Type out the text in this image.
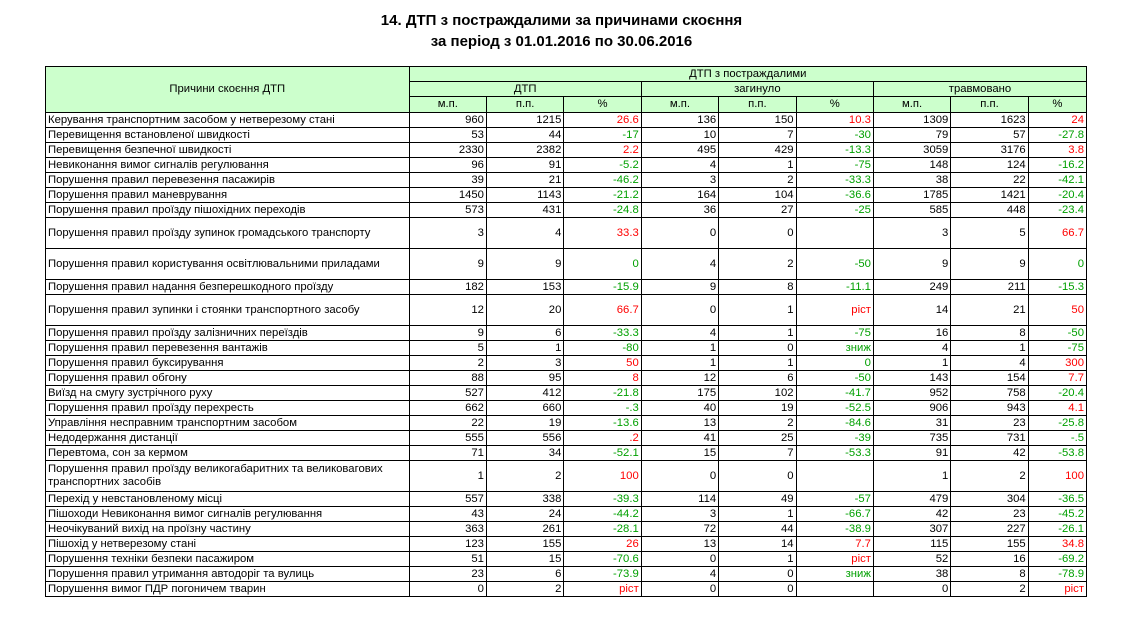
14. ДТП з постраждалими за причинами скоєння
за період з 01.01.2016 по 30.06.2016
Причини скоєння ДТП	ДТП з постраждалими								
	ДТП			загинуло			травмовано		
	м.п.	п.п.	%	м.п.	п.п.	%	м.п.	п.п.	%
Керування транспортним засобом у нетверезому стані	960	1215	26.6	136	150	10.3	1309	1623	24
Перевищення встановленої швидкості	53	44	-17	10	7	-30	79	57	-27.8
Перевищення безпечної швидкості	2330	2382	2.2	495	429	-13.3	3059	3176	3.8
Невиконання вимог сигналів регулювання	96	91	-5.2	4	1	-75	148	124	-16.2
Порушення правил перевезення пасажирів	39	21	-46.2	3	2	-33.3	38	22	-42.1
Порушення правил маневрування	1450	1143	-21.2	164	104	-36.6	1785	1421	-20.4
Порушення правил проїзду пішохідних переходів	573	431	-24.8	36	27	-25	585	448	-23.4
Порушення правил проїзду зупинок громадського транспорту	3	4	33.3	0	0		3	5	66.7
Порушення правил користування освітлювальними приладами	9	9	0	4	2	-50	9	9	0
Порушення правил надання безперешкодного проїзду	182	153	-15.9	9	8	-11.1	249	211	-15.3
Порушення правил зупинки і стоянки транспортного засобу	12	20	66.7	0	1	ріст	14	21	50
Порушення правил проїзду залізничних переїздів	9	6	-33.3	4	1	-75	16	8	-50
Порушення правил перевезення вантажів	5	1	-80	1	0	зниж	4	1	-75
Порушення правил буксирування	2	3	50	1	1	0	1	4	300
Порушення правил обгону	88	95	8	12	6	-50	143	154	7.7
Виїзд на смугу зустрічного руху	527	412	-21.8	175	102	-41.7	952	758	-20.4
Порушення правил проїзду перехресть	662	660	-.3	40	19	-52.5	906	943	4.1
Управління несправним транспортним засобом	22	19	-13.6	13	2	-84.6	31	23	-25.8
Недодержання дистанції	555	556	.2	41	25	-39	735	731	-.5
Перевтома, сон за кермом	71	34	-52.1	15	7	-53.3	91	42	-53.8
Порушення правил проїзду великогабаритних та великовагових транспортних засобів	1	2	100	0	0		1	2	100
Перехід у невстановленому місці	557	338	-39.3	114	49	-57	479	304	-36.5
Пішоходи Невиконання вимог сигналів регулювання	43	24	-44.2	3	1	-66.7	42	23	-45.2
Неочікуваний вихід на проїзну частину	363	261	-28.1	72	44	-38.9	307	227	-26.1
Пішохід у нетверезому стані	123	155	26	13	14	7.7	115	155	34.8
Порушення техніки безпеки пасажиром	51	15	-70.6	0	1	ріст	52	16	-69.2
Порушення правил утримання автодоріг та вулиць	23	6	-73.9	4	0	зниж	38	8	-78.9
Порушення вимог ПДР погоничем тварин	0	2	ріст	0	0		0	2	ріст
